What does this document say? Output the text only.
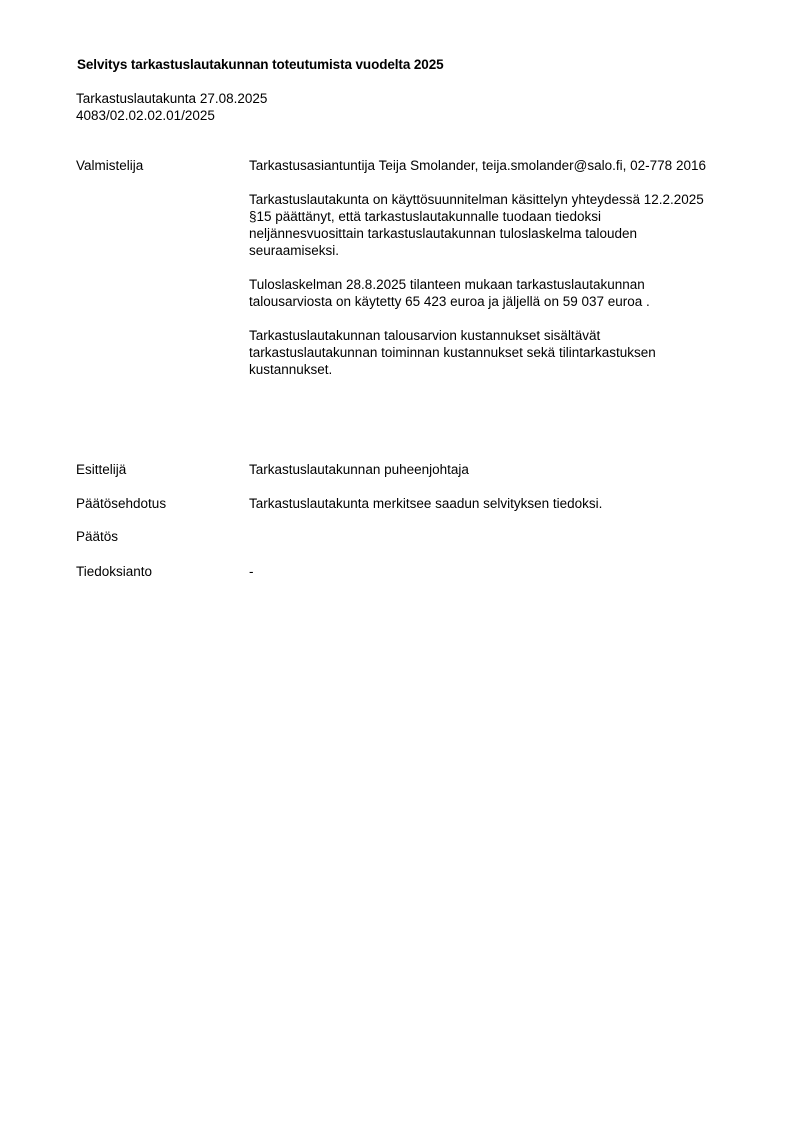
Selvitys tarkastuslautakunnan toteutumista vuodelta 2025
Tarkastuslautakunta 27.08.2025
4083/02.02.02.01/2025
Valmistelija	Tarkastusasiantuntija Teija Smolander, teija.smolander@salo.fi, 02-778 2016

Tarkastuslautakunta on käyttösuunnitelman käsittelyn yhteydessä 12.2.2025 §15 päättänyt, että tarkastuslautakunnalle tuodaan tiedoksi neljännesvuosittain tarkastuslautakunnan tuloslaskelma talouden seuraamiseksi.

Tuloslaskelman 28.8.2025 tilanteen mukaan tarkastuslautakunnan talousarviosta on käytetty 65 423 euroa ja jäljellä on 59 037 euroa .

Tarkastuslautakunnan talousarvion kustannukset sisältävät tarkastuslautakunnan toiminnan kustannukset sekä tilintarkastuksen kustannukset.

Esittelijä	Tarkastuslautakunnan puheenjohtaja
Päätösehdotus	Tarkastuslautakunta merkitsee saadun selvityksen tiedoksi.
Päätös
Tiedoksianto	-
